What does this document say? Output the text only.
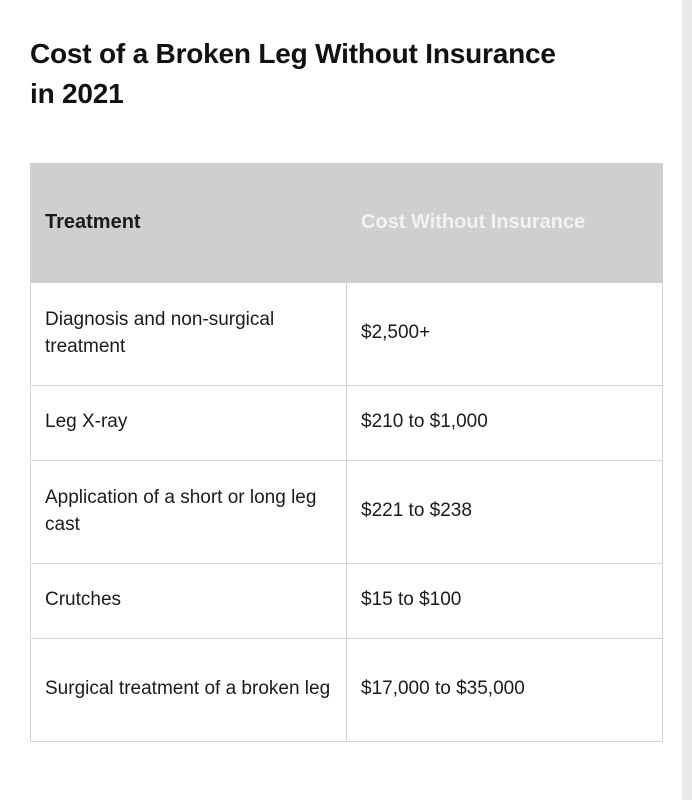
Cost of a Broken Leg Without Insurance in 2021
Treatment	Cost Without Insurance
Diagnosis and non-surgical treatment	$2,500+
Leg X-ray	$210 to $1,000
Application of a short or long leg cast	$221 to $238
Crutches	$15 to $100
Surgical treatment of a broken leg	$17,000 to $35,000
